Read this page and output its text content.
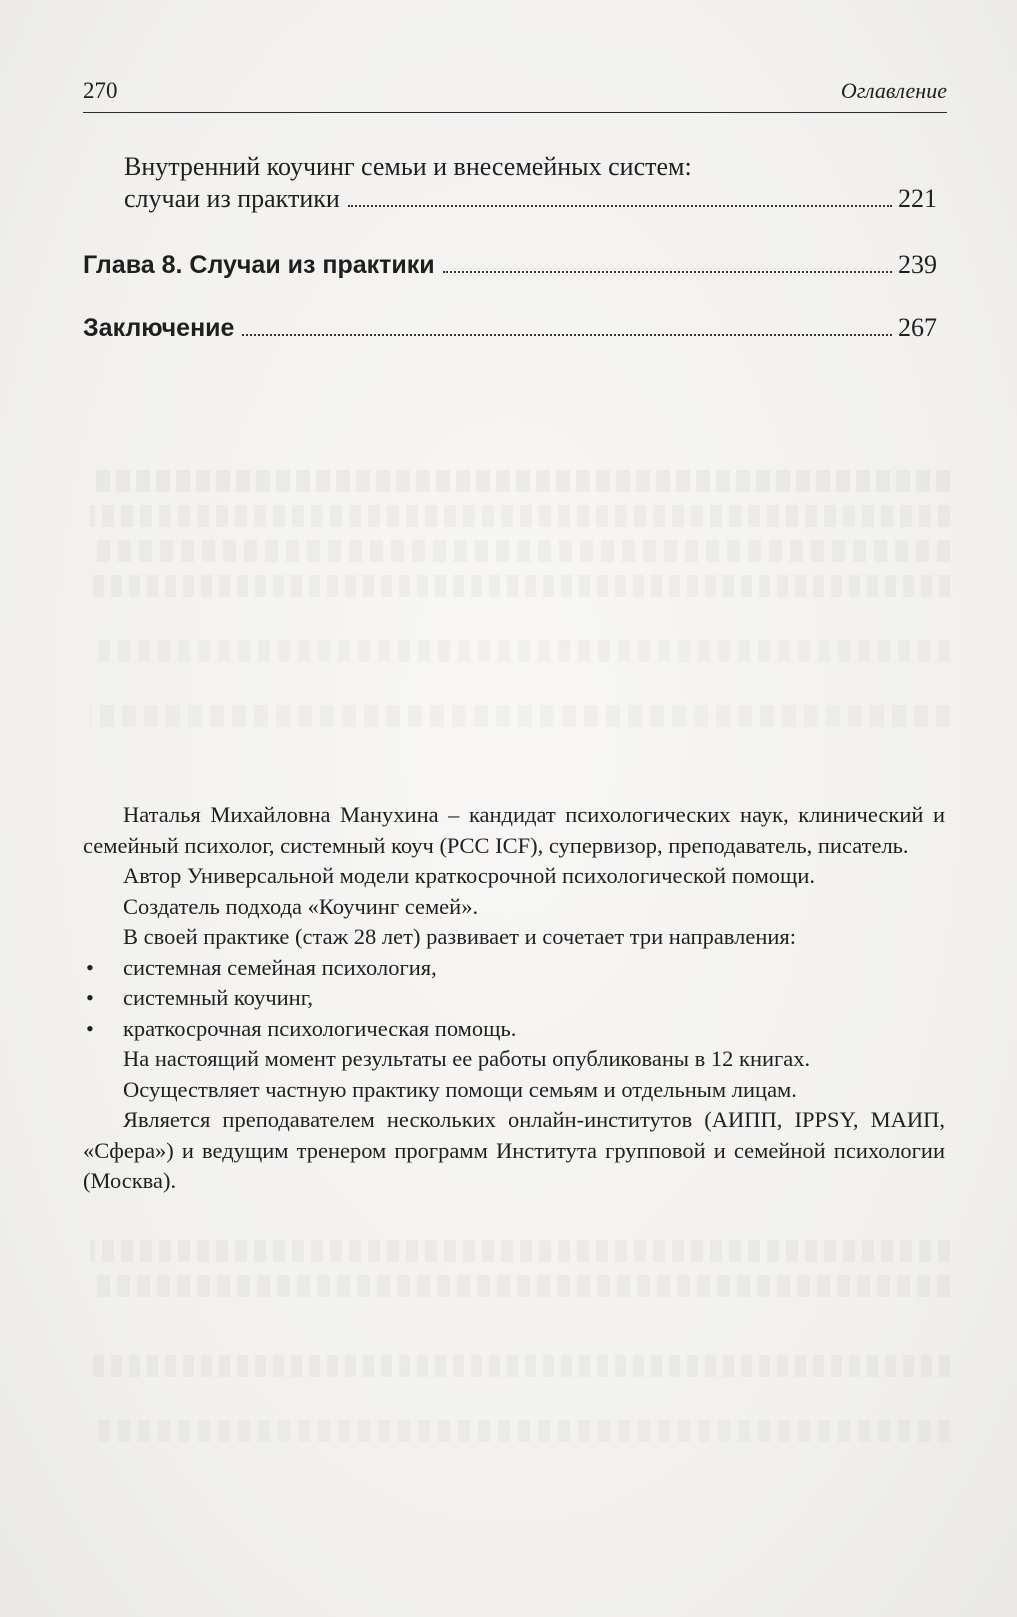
270	Оглавление
Внутренний коучинг семьи и внесемейных систем:
случаи из практики	221
Глава 8. Случаи из практики	239
Заключение	267

Наталья Михайловна Манухина – кандидат психологических наук, клинический и семейный психолог, системный коуч (PCC ICF), супервизор, преподаватель, писатель.

Автор Универсальной модели краткосрочной психологической помощи.

Создатель подхода «Коучинг семей».

В своей практике (стаж 28 лет) развивает и сочетает три направления:

• системная семейная психология,
• системный коучинг,
• краткосрочная психологическая помощь.

На настоящий момент результаты ее работы опубликованы в 12 книгах.

Осуществляет частную практику помощи семьям и отдельным лицам.

Является преподавателем нескольких онлайн-институтов (АИПП, IPPSY, МАИП, «Сфера») и ведущим тренером программ Института групповой и семейной психологии (Москва).
